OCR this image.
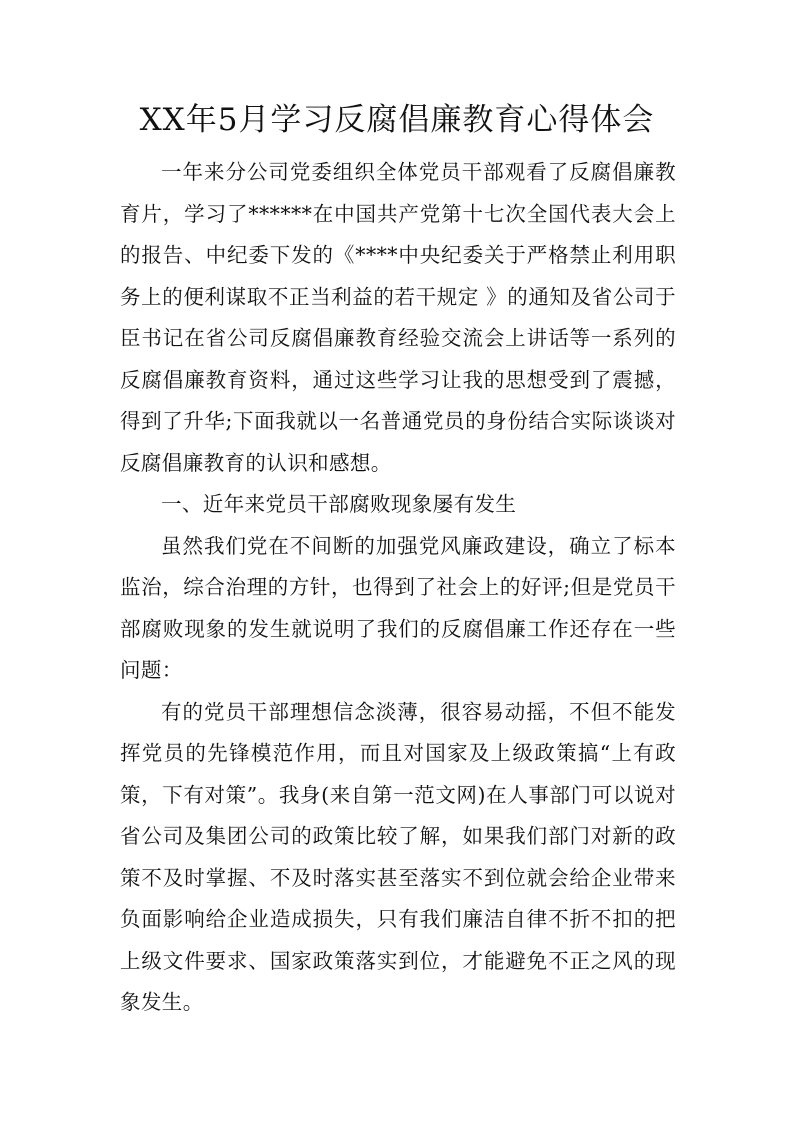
XX年5月学习反腐倡廉教育心得体会

一年来分公司党委组织全体党员干部观看了反腐倡廉教育片，学习了******在中国共产党第十七次全国代表大会上的报告、中纪委下发的《****中央纪委关于严格禁止利用职务上的便利谋取不正当利益的若干规定 》的通知及省公司于臣书记在省公司反腐倡廉教育经验交流会上讲话等一系列的反腐倡廉教育资料，通过这些学习让我的思想受到了震撼，得到了升华;下面我就以一名普通党员的身份结合实际谈谈对反腐倡廉教育的认识和感想。

一、近年来党员干部腐败现象屡有发生

虽然我们党在不间断的加强党风廉政建设，确立了标本监治，综合治理的方针，也得到了社会上的好评;但是党员干部腐败现象的发生就说明了我们的反腐倡廉工作还存在一些问题：

有的党员干部理想信念淡薄，很容易动摇，不但不能发挥党员的先锋模范作用，而且对国家及上级政策搞“上有政策，下有对策”。我身(来自第一范文网)在人事部门可以说对省公司及集团公司的政策比较了解，如果我们部门对新的政策不及时掌握、不及时落实甚至落实不到位就会给企业带来负面影响给企业造成损失，只有我们廉洁自律不折不扣的把上级文件要求、国家政策落实到位，才能避免不正之风的现象发生。
